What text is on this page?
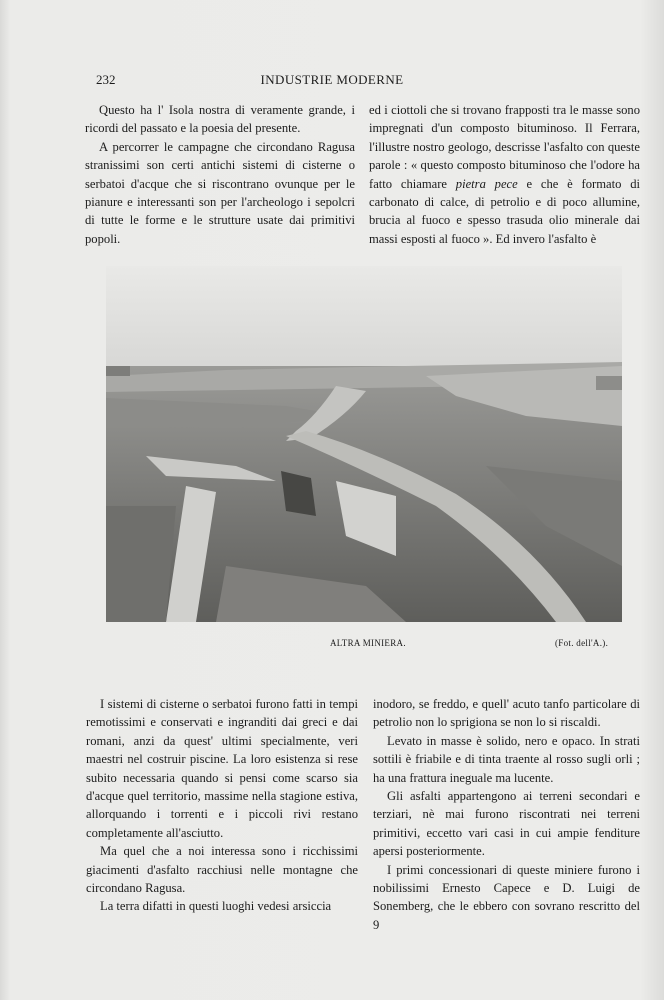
232	INDUSTRIE MODERNE

Questo ha l' Isola nostra di veramente grande, i ricordi del passato e la poesia del presente.

A percorrer le campagne che circondano Ragusa stranissimi son certi antichi sistemi di cisterne o serbatoi d'acque che si riscontrano ovunque per le pianure e interessanti son per l'archeologo i sepolcri di tutte le forme e le strutture usate dai primitivi popoli.

ed i ciottoli che si trovano frapposti tra le masse sono impregnati d'un composto bituminoso. Il Ferrara, l'illustre nostro geologo, descrisse l'asfalto con queste parole : « questo composto bituminoso che l'odore ha fatto chiamare pietra pece e che è formato di carbonato di calce, di petrolio e di poco allumine, brucia al fuoco e spesso trasuda olio minerale dai massi esposti al fuoco ». Ed invero l'asfalto è

ALTRA MINIERA.	(Fot. dell'A.).

I sistemi di cisterne o serbatoi furono fatti in tempi remotissimi e conservati e ingranditi dai greci e dai romani, anzi da quest' ultimi specialmente, veri maestri nel costruir piscine. La loro esistenza si rese subito necessaria quando si pensi come scarso sia d'acque quel territorio, massime nella stagione estiva, allorquando i torrenti e i piccoli rivi restano completamente all'asciutto.

Ma quel che a noi interessa sono i ricchissimi giacimenti d'asfalto racchiusi nelle montagne che circondano Ragusa.

La terra difatti in questi luoghi vedesi arsiccia

inodoro, se freddo, e quell' acuto tanfo particolare di petrolio non lo sprigiona se non lo si riscaldi.

Levato in masse è solido, nero e opaco. In strati sottili è friabile e di tinta traente al rosso sugli orli ; ha una frattura ineguale ma lucente.

Gli asfalti appartengono ai terreni secondari e terziari, nè mai furono riscontrati nei terreni primitivi, eccetto vari casi in cui ampie fenditure apersi posteriormente.

I primi concessionari di queste miniere furono i nobilissimi Ernesto Capece e D. Luigi de Sonemberg, che le ebbero con sovrano rescritto del 9
